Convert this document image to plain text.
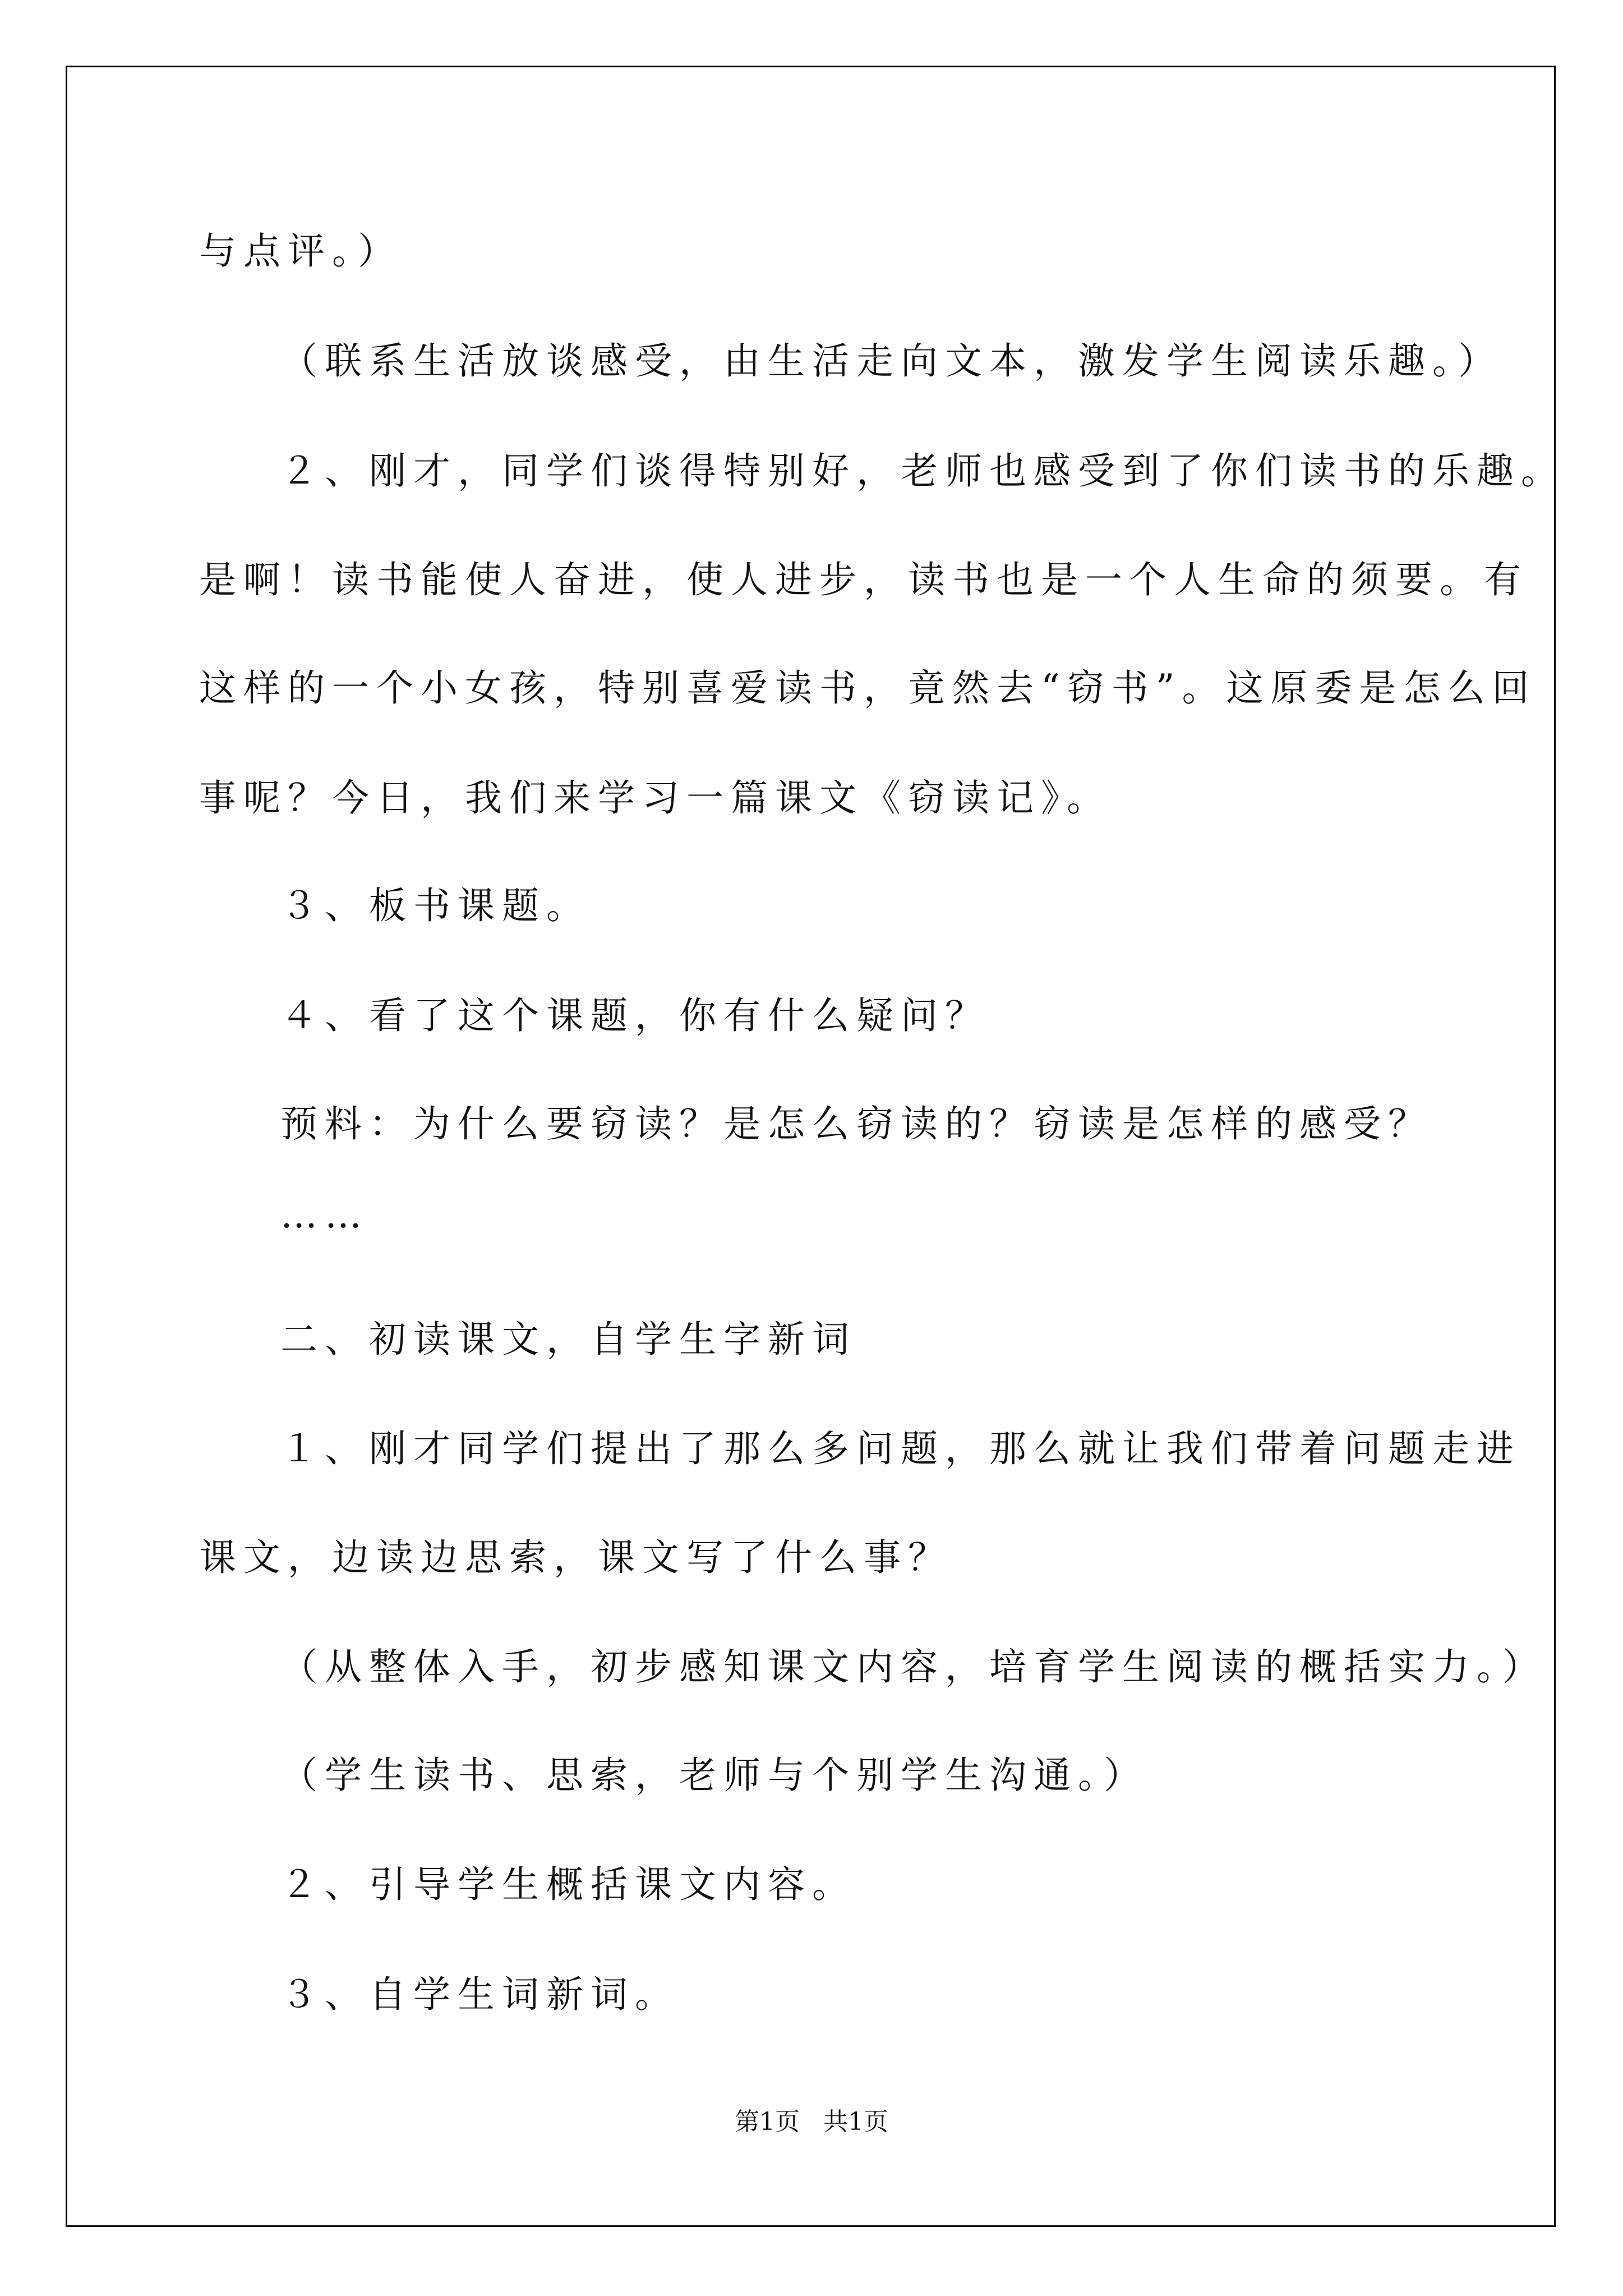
与点评。）

（联系生活放谈感受，由生活走向文本，激发学生阅读乐趣。）

２、刚才，同学们谈得特别好，老师也感受到了你们读书的乐趣。

是啊！读书能使人奋进，使人进步，读书也是一个人生命的须要。有

这样的一个小女孩，特别喜爱读书，竟然去“窃书”。这原委是怎么回

事呢？今日，我们来学习一篇课文《窃读记》。

３、板书课题。

４、看了这个课题，你有什么疑问？

预料：为什么要窃读？是怎么窃读的？窃读是怎样的感受？

……

二、初读课文，自学生字新词

１、刚才同学们提出了那么多问题，那么就让我们带着问题走进

课文，边读边思索，课文写了什么事？

（从整体入手，初步感知课文内容，培育学生阅读的概括实力。）

（学生读书、思索，老师与个别学生沟通。）

２、引导学生概括课文内容。

３、自学生词新词。

第1页   共1页
